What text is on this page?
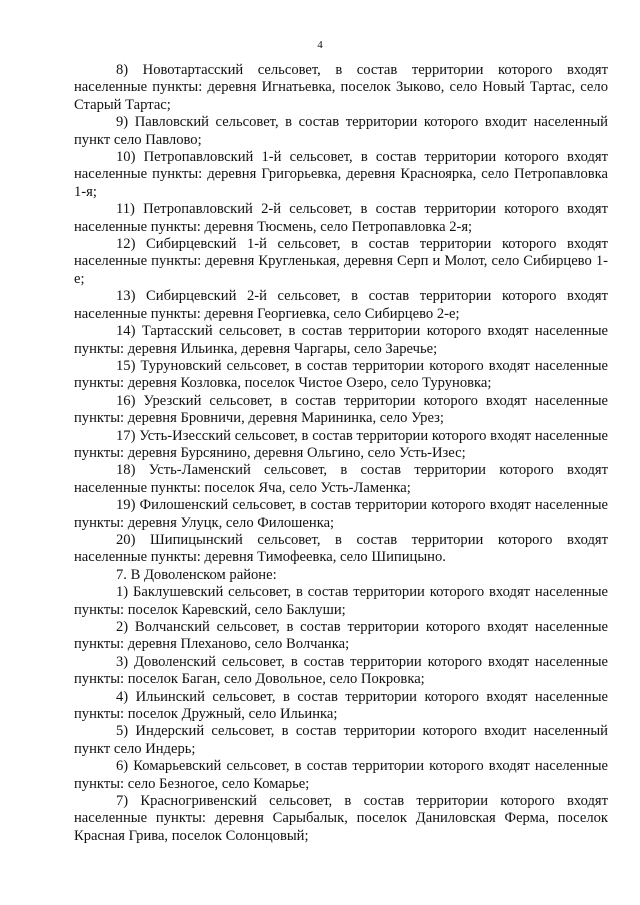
4

8) Новотартасский сельсовет, в состав территории которого входят населенные пункты: деревня Игнатьевка, поселок Зыково, село Новый Тартас, село Старый Тартас;

9) Павловский сельсовет, в состав территории которого входит населенный пункт село Павлово;

10) Петропавловский 1-й сельсовет, в состав территории которого входят населенные пункты: деревня Григорьевка, деревня Красноярка, село Петропавловка 1-я;

11) Петропавловский 2-й сельсовет, в состав территории которого входят населенные пункты: деревня Тюсмень, село Петропавловка 2-я;

12) Сибирцевский 1-й сельсовет, в состав территории которого входят населенные пункты: деревня Кругленькая, деревня Серп и Молот, село Сибирцево 1-е;

13) Сибирцевский 2-й сельсовет, в состав территории которого входят населенные пункты: деревня Георгиевка, село Сибирцево 2-е;

14) Тартасский сельсовет, в состав территории которого входят населенные пункты: деревня Ильинка, деревня Чаргары, село Заречье;

15) Туруновский сельсовет, в состав территории которого входят населенные пункты: деревня Козловка, поселок Чистое Озеро, село Туруновка;

16) Урезский сельсовет, в состав территории которого входят населенные пункты: деревня Бровничи, деревня Марининка, село Урез;

17) Усть-Изесский сельсовет, в состав территории которого входят населенные пункты: деревня Бурсянино, деревня Ольгино, село Усть-Изес;

18) Усть-Ламенский сельсовет, в состав территории которого входят населенные пункты: поселок Яча, село Усть-Ламенка;

19) Филошенский сельсовет, в состав территории которого входят населенные пункты: деревня Улуцк, село Филошенка;

20) Шипицынский сельсовет, в состав территории которого входят населенные пункты: деревня Тимофеевка, село Шипицыно.

7. В Доволенском районе:

1) Баклушевский сельсовет, в состав территории которого входят населенные пункты: поселок Каревский, село Баклуши;

2) Волчанский сельсовет, в состав территории которого входят населенные пункты: деревня Плеханово, село Волчанка;

3) Доволенский сельсовет, в состав территории которого входят населенные пункты: поселок Баган, село Довольное, село Покровка;

4) Ильинский сельсовет, в состав территории которого входят населенные пункты: поселок Дружный, село Ильинка;

5) Индерский сельсовет, в состав территории которого входит населенный пункт село Индерь;

6) Комарьевский сельсовет, в состав территории которого входят населенные пункты: село Безногое, село Комарье;

7) Красногривенский сельсовет, в состав территории которого входят населенные пункты: деревня Сарыбалык, поселок Даниловская Ферма, поселок Красная Грива, поселок Солонцовый;
